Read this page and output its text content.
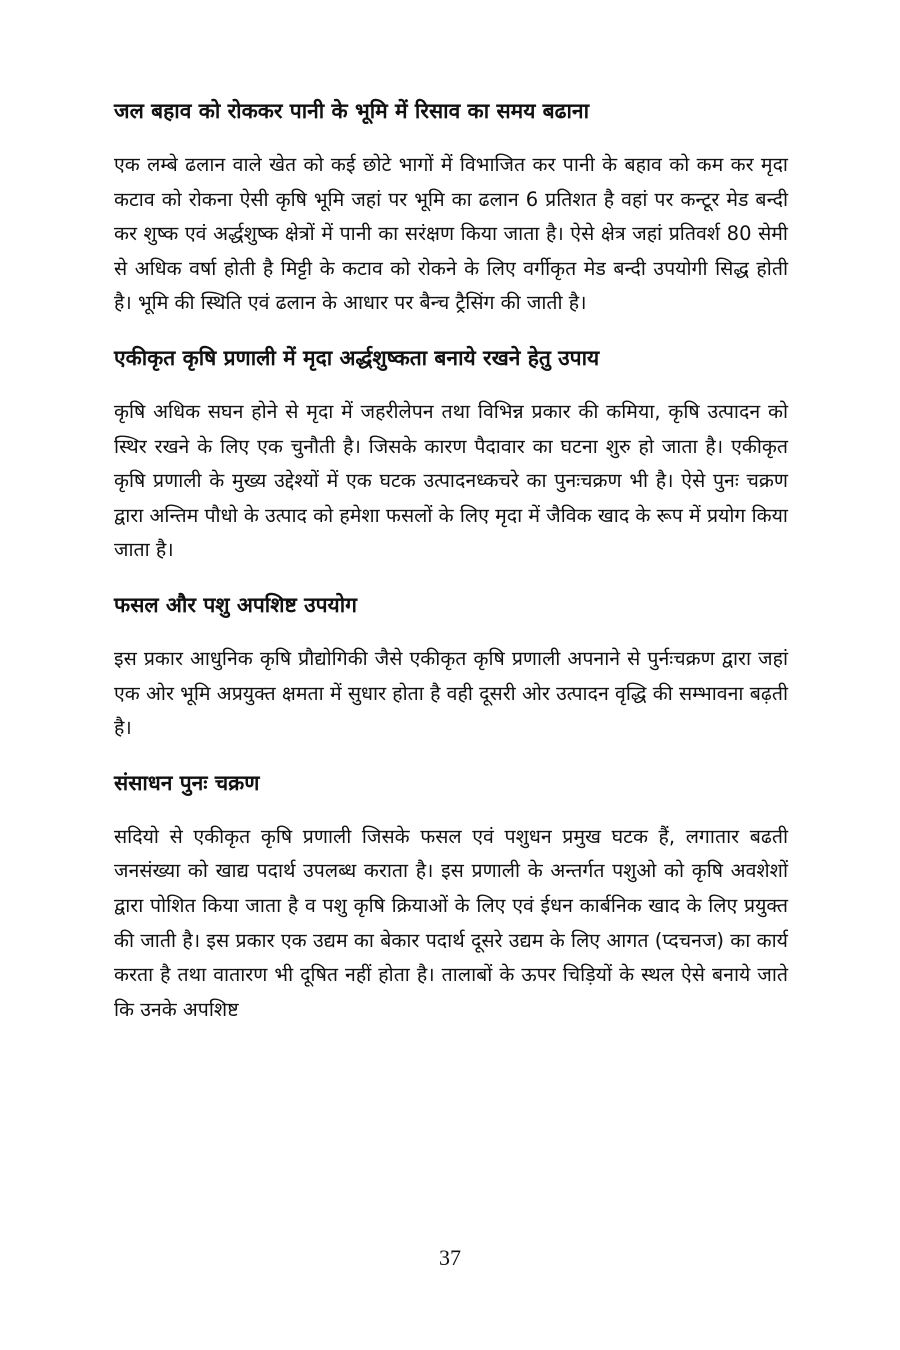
जल बहाव को रोककर पानी के भूमि में रिसाव का समय बढाना

एक लम्बे ढलान वाले खेत को कई छोटे भागों में विभाजित कर पानी के बहाव को कम कर मृदा कटाव को रोकना ऐसी कृषि भूमि जहां पर भूमि का ढलान 6 प्रतिशत है वहां पर कन्टूर मेड बन्दी कर शुष्क एवं अर्द्धशुष्क क्षेत्रों में पानी का सरंक्षण किया जाता है। ऐसे क्षेत्र जहां प्रतिवर्श 80 सेमी से अधिक वर्षा होती है मिट्टी के कटाव को रोकने के लिए वर्गीकृत मेड बन्दी उपयोगी सिद्ध होती है। भूमि की स्थिति एवं ढलान के आधार पर बैन्च ट्रैसिंग की जाती है।

एकीकृत कृषि प्रणाली में मृदा अर्द्धशुष्कता बनाये रखने हेतु उपाय

कृषि अधिक सघन होने से मृदा में जहरीलेपन तथा विभिन्न प्रकार की कमिया, कृषि उत्पादन को स्थिर रखने के लिए एक चुनौती है। जिसके कारण पैदावार का घटना शुरु हो जाता है। एकीकृत कृषि प्रणाली के मुख्य उद्देश्यों में एक घटक उत्पादनध्कचरे का पुनःचक्रण भी है। ऐसे पुनः चक्रण द्वारा अन्तिम पौधो के उत्पाद को हमेशा फसलों के लिए मृदा में जैविक खाद के रूप में प्रयोग किया जाता है।

फसल और पशु अपशिष्ट उपयोग

इस प्रकार आधुनिक कृषि प्रौद्योगिकी जैसे एकीकृत कृषि प्रणाली अपनाने से पुर्नःचक्रण द्वारा जहां एक ओर भूमि अप्रयुक्त क्षमता में सुधार होता है वही दूसरी ओर उत्पादन वृद्धि की सम्भावना बढ़ती है।

संसाधन पुनः चक्रण

सदियो से एकीकृत कृषि प्रणाली जिसके फसल एवं पशुधन प्रमुख घटक हैं, लगातार बढती जनसंख्या को खाद्य पदार्थ उपलब्ध कराता है। इस प्रणाली के अन्तर्गत पशुओ को कृषि अवशेशों द्वारा पोशित किया जाता है व पशु कृषि क्रियाओं के लिए एवं ईधन कार्बनिक खाद के लिए प्रयुक्त की जाती है। इस प्रकार एक उद्यम का बेकार पदार्थ दूसरे उद्यम के लिए आगत (प्दचनज) का कार्य करता है तथा वातारण भी दूषित नहीं होता है। तालाबों के ऊपर चिड़ियों के स्थल ऐसे बनाये जाते कि उनके अपशिष्ट

37
